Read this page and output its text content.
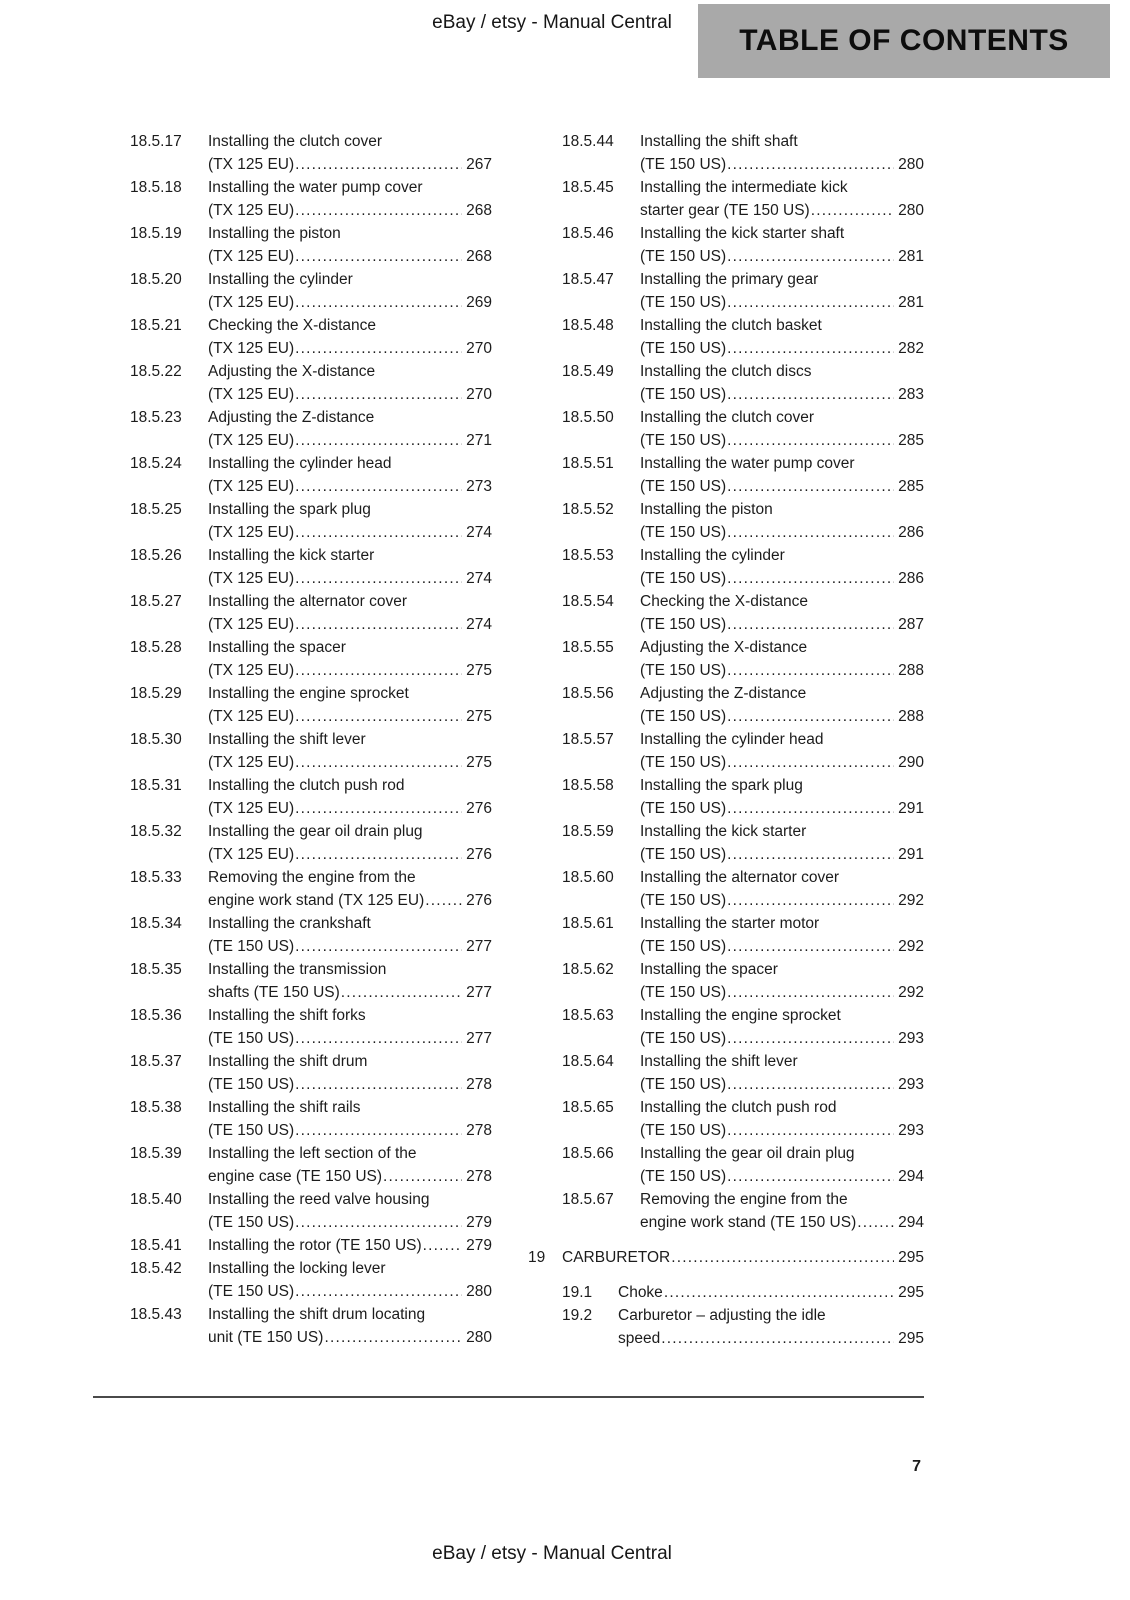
eBay / etsy - Manual Central
TABLE OF CONTENTS
18.5.17	Installing the clutch cover
(TX 125 EU) .....	267
18.5.18	Installing the water pump cover
(TX 125 EU) .....	268
18.5.19	Installing the piston
(TX 125 EU) .....	268
18.5.20	Installing the cylinder
(TX 125 EU) .....	269
18.5.21	Checking the X-distance
(TX 125 EU) .....	270
18.5.22	Adjusting the X-distance
(TX 125 EU) .....	270
18.5.23	Adjusting the Z-distance
(TX 125 EU) .....	271
18.5.24	Installing the cylinder head
(TX 125 EU) .....	273
18.5.25	Installing the spark plug
(TX 125 EU) .....	274
18.5.26	Installing the kick starter
(TX 125 EU) .....	274
18.5.27	Installing the alternator cover
(TX 125 EU) .....	274
18.5.28	Installing the spacer
(TX 125 EU) .....	275
18.5.29	Installing the engine sprocket
(TX 125 EU) .....	275
18.5.30	Installing the shift lever
(TX 125 EU) .....	275
18.5.31	Installing the clutch push rod
(TX 125 EU) .....	276
18.5.32	Installing the gear oil drain plug
(TX 125 EU) .....	276
18.5.33	Removing the engine from the
engine work stand (TX 125 EU) .....	276
18.5.34	Installing the crankshaft
(TE 150 US) .....	277
18.5.35	Installing the transmission
shafts (TE 150 US) .....	277
18.5.36	Installing the shift forks
(TE 150 US) .....	277
18.5.37	Installing the shift drum
(TE 150 US) .....	278
18.5.38	Installing the shift rails
(TE 150 US) .....	278
18.5.39	Installing the left section of the
engine case (TE 150 US) .....	278
18.5.40	Installing the reed valve housing
(TE 150 US) .....	279
18.5.41	Installing the rotor (TE 150 US) .....	279
18.5.42	Installing the locking lever
(TE 150 US) .....	280
18.5.43	Installing the shift drum locating
unit (TE 150 US) .....	280
18.5.44	Installing the shift shaft
(TE 150 US) .....	280
18.5.45	Installing the intermediate kick
starter gear (TE 150 US) .....	280
18.5.46	Installing the kick starter shaft
(TE 150 US) .....	281
18.5.47	Installing the primary gear
(TE 150 US) .....	281
18.5.48	Installing the clutch basket
(TE 150 US) .....	282
18.5.49	Installing the clutch discs
(TE 150 US) .....	283
18.5.50	Installing the clutch cover
(TE 150 US) .....	285
18.5.51	Installing the water pump cover
(TE 150 US) .....	285
18.5.52	Installing the piston
(TE 150 US) .....	286
18.5.53	Installing the cylinder
(TE 150 US) .....	286
18.5.54	Checking the X-distance
(TE 150 US) .....	287
18.5.55	Adjusting the X-distance
(TE 150 US) .....	288
18.5.56	Adjusting the Z-distance
(TE 150 US) .....	288
18.5.57	Installing the cylinder head
(TE 150 US) .....	290
18.5.58	Installing the spark plug
(TE 150 US) .....	291
18.5.59	Installing the kick starter
(TE 150 US) .....	291
18.5.60	Installing the alternator cover
(TE 150 US) .....	292
18.5.61	Installing the starter motor
(TE 150 US) .....	292
18.5.62	Installing the spacer
(TE 150 US) .....	292
18.5.63	Installing the engine sprocket
(TE 150 US) .....	293
18.5.64	Installing the shift lever
(TE 150 US) .....	293
18.5.65	Installing the clutch push rod
(TE 150 US) .....	293
18.5.66	Installing the gear oil drain plug
(TE 150 US) .....	294
18.5.67	Removing the engine from the
engine work stand (TE 150 US) .....	294
19	CARBURETOR .....	295
19.1	Choke .....	295
19.2	Carburetor – adjusting the idle
speed .....	295
7
eBay / etsy - Manual Central
